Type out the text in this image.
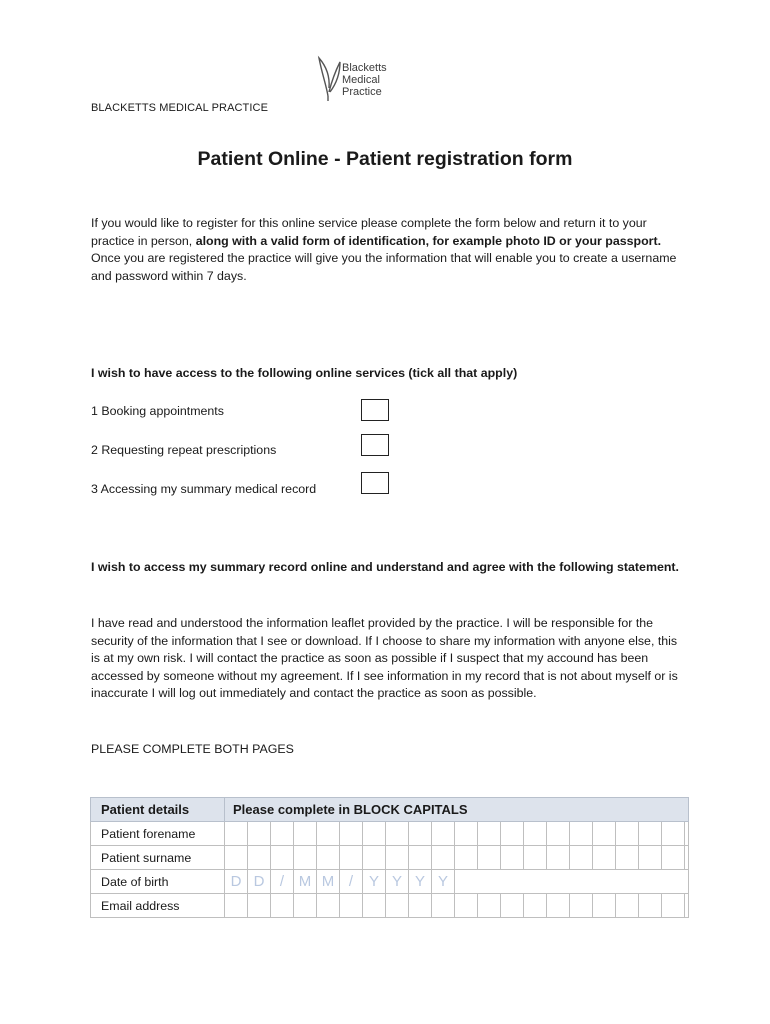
Blacketts
Medical
Practice
BLACKETTS MEDICAL PRACTICE
Patient Online - Patient registration form
If you would like to register for this online service please complete the form below and return it to your practice in person, along with a valid form of identification, for example photo ID or your passport.
Once you are registered the practice will give you the information that will enable you to create a username and password within 7 days.
I wish to have access to the following online services (tick all that apply)
1 Booking appointments
2 Requesting repeat prescriptions
3 Accessing my summary medical record
I wish to access my summary record online and understand and agree with the following statement.
I have read and understood the information leaflet provided by the practice. I will be responsible for the security of the information that I see or download. If I choose to share my information with anyone else, this is at my own risk. I will contact the practice as soon as possible if I suspect that my accound has been accessed by someone without my agreement. If I see information in my record that is not about myself or is inaccurate I will log out immediately and contact the practice as soon as possible.
PLEASE COMPLETE BOTH PAGES
Patient details	Please complete in BLOCK CAPITALS																				
Patient forename																					
Patient surname																					
Date of birth	D	D	/	M	M	/	Y	Y	Y	Y											
Email address																					
